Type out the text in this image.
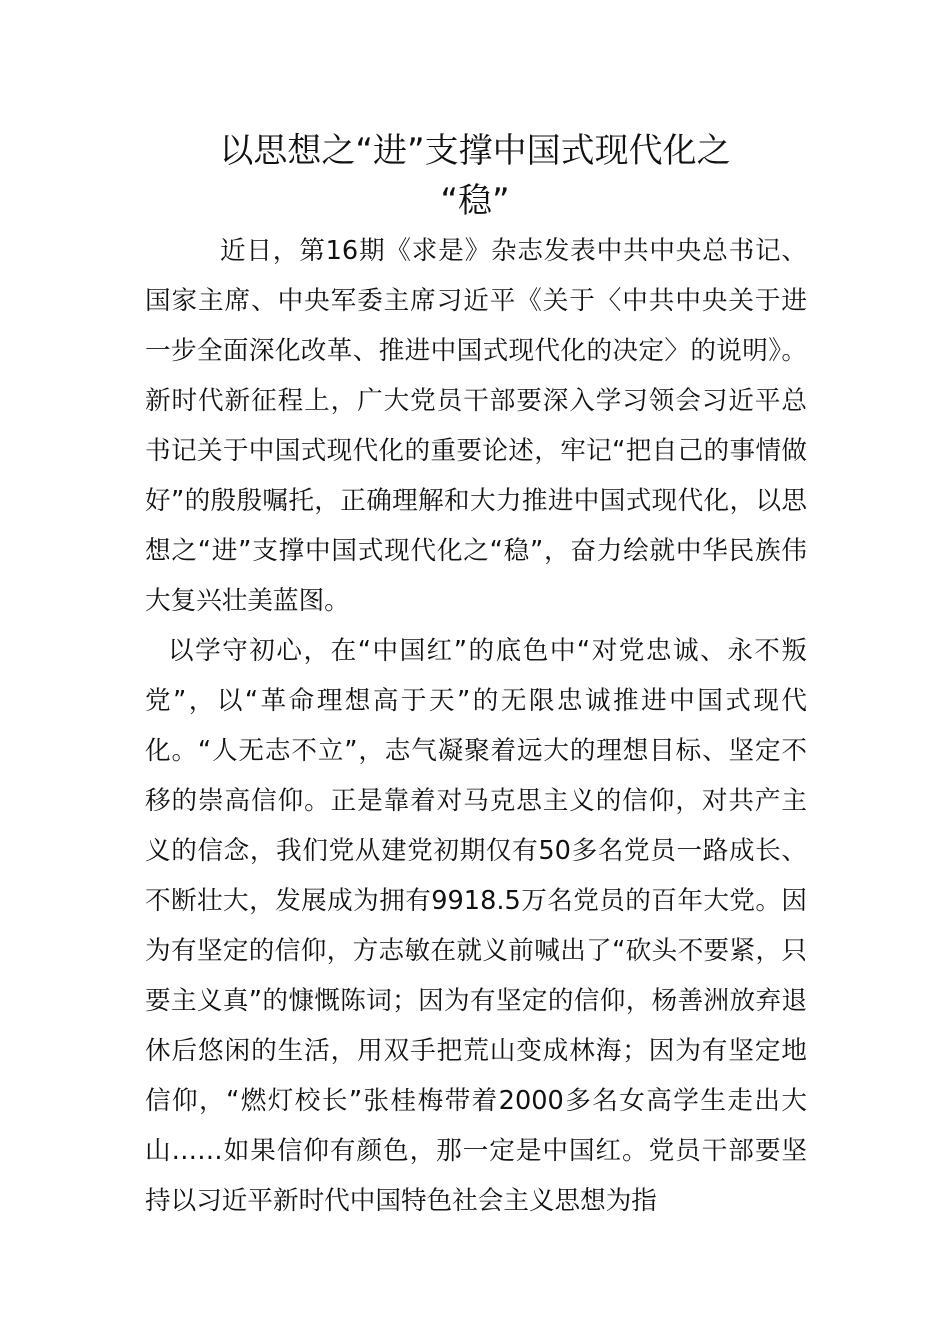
以思想之“进”支撑中国式现代化之
“稳”

近日，第16期《求是》杂志发表中共中央总书记、国家主席、中央军委主席习近平《关于〈中共中央关于进一步全面深化改革、推进中国式现代化的决定〉的说明》。新时代新征程上，广大党员干部要深入学习领会习近平总书记关于中国式现代化的重要论述，牢记“把自己的事情做好”的殷殷嘱托，正确理解和大力推进中国式现代化，以思想之“进”支撑中国式现代化之“稳”，奋力绘就中华民族伟大复兴壮美蓝图。

以学守初心，在“中国红”的底色中“对党忠诚、永不叛党”，以“革命理想高于天”的无限忠诚推进中国式现代化。“人无志不立”，志气凝聚着远大的理想目标、坚定不移的崇高信仰。正是靠着对马克思主义的信仰，对共产主义的信念，我们党从建党初期仅有50多名党员一路成长、不断壮大，发展成为拥有9918.5万名党员的百年大党。因为有坚定的信仰，方志敏在就义前喊出了“砍头不要紧，只要主义真”的慷慨陈词；因为有坚定的信仰，杨善洲放弃退休后悠闲的生活，用双手把荒山变成林海；因为有坚定地信仰，“燃灯校长”张桂梅带着2000多名女高学生走出大山……如果信仰有颜色，那一定是中国红。党员干部要坚持以习近平新时代中国特色社会主义思想为指
